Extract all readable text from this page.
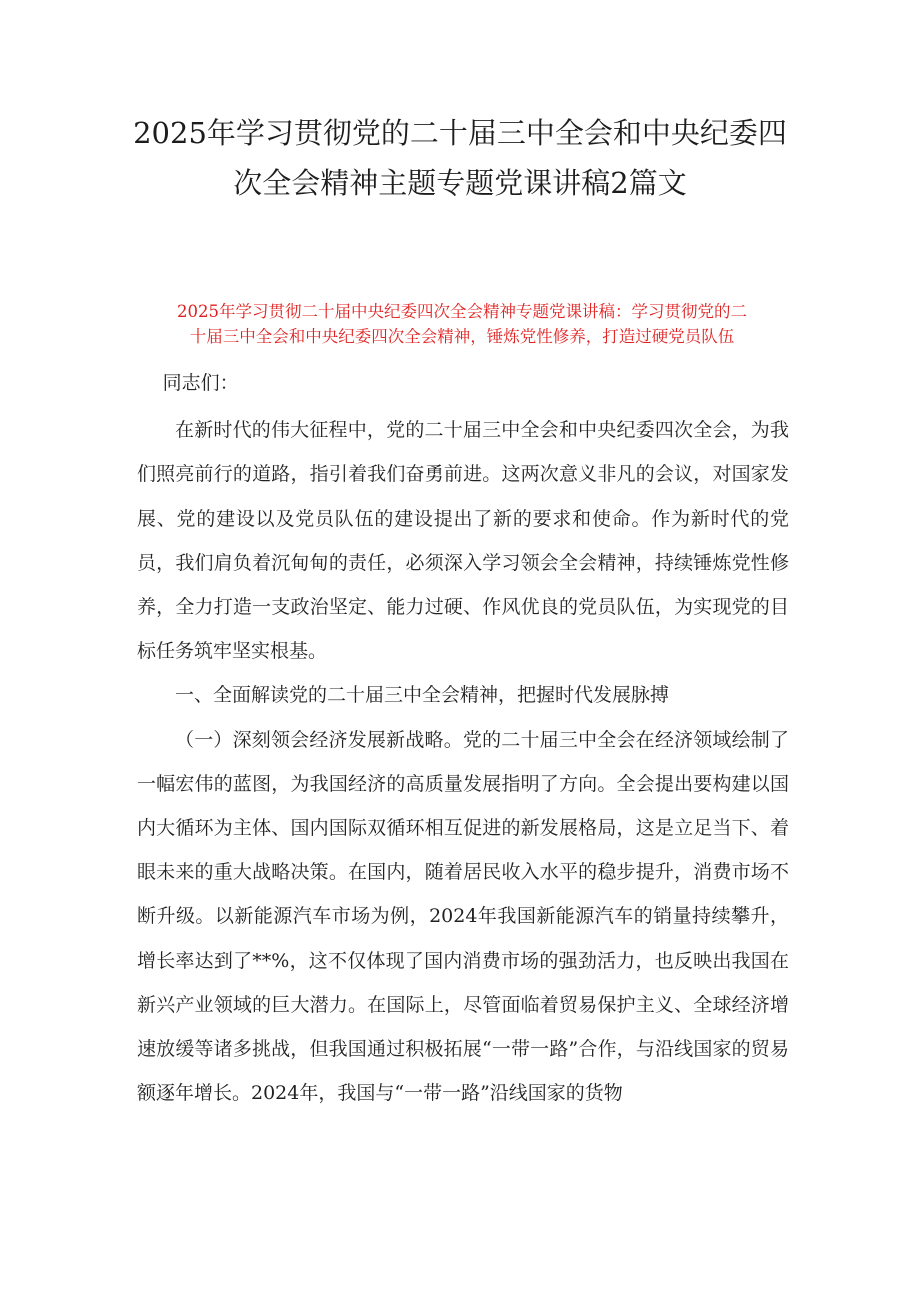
2025年学习贯彻党的二十届三中全会和中央纪委四
次全会精神主题专题党课讲稿2篇文
2025年学习贯彻二十届中央纪委四次全会精神专题党课讲稿：学习贯彻党的二
十届三中全会和中央纪委四次全会精神，锤炼党性修养，打造过硬党员队伍

同志们：

在新时代的伟大征程中，党的二十届三中全会和中央纪委四次全会，为我们照亮前行的道路，指引着我们奋勇前进。这两次意义非凡的会议，对国家发展、党的建设以及党员队伍的建设提出了新的要求和使命。作为新时代的党员，我们肩负着沉甸甸的责任，必须深入学习领会全会精神，持续锤炼党性修养，全力打造一支政治坚定、能力过硬、作风优良的党员队伍，为实现党的目标任务筑牢坚实根基。

一、全面解读党的二十届三中全会精神，把握时代发展脉搏

（一）深刻领会经济发展新战略。党的二十届三中全会在经济领域绘制了一幅宏伟的蓝图，为我国经济的高质量发展指明了方向。全会提出要构建以国内大循环为主体、国内国际双循环相互促进的新发展格局，这是立足当下、着眼未来的重大战略决策。在国内，随着居民收入水平的稳步提升，消费市场不断升级。以新能源汽车市场为例，2024年我国新能源汽车的销量持续攀升，增长率达到了**%，这不仅体现了国内消费市场的强劲活力，也反映出我国在新兴产业领域的巨大潜力。在国际上，尽管面临着贸易保护主义、全球经济增速放缓等诸多挑战，但我国通过积极拓展“一带一路”合作，与沿线国家的贸易额逐年增长。2024年，我国与“一带一路”沿线国家的货物
